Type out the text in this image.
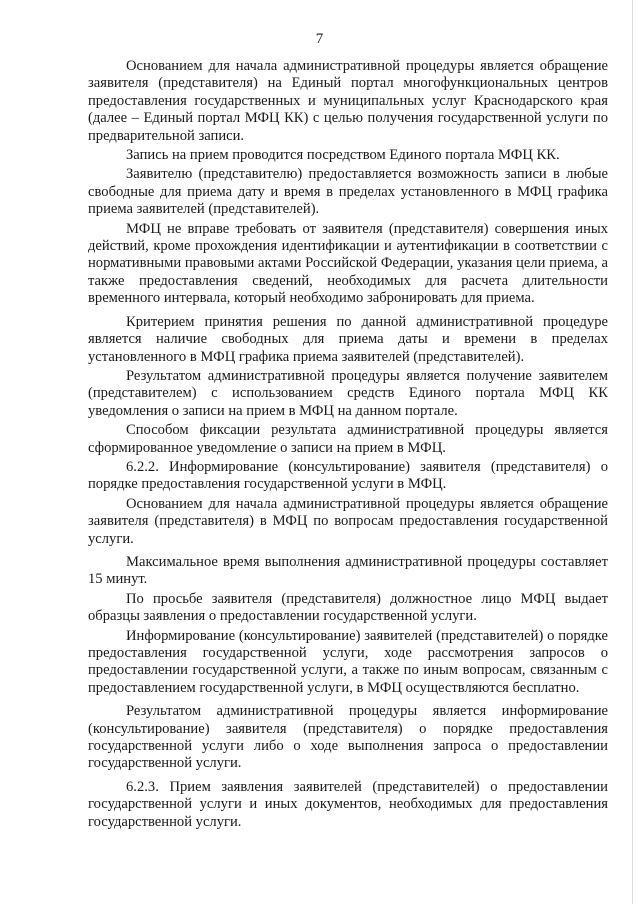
7

Основанием для начала административной процедуры является обращение заявителя (представителя) на Единый портал многофункциональных центров предоставления государственных и муниципальных услуг Краснодарского края (далее – Единый портал МФЦ КК) с целью получения государственной услуги по предварительной записи.

Запись на прием проводится посредством Единого портала МФЦ КК.

Заявителю (представителю) предоставляется возможность записи в любые свободные для приема дату и время в пределах установленного в МФЦ графика приема заявителей (представителей).

МФЦ не вправе требовать от заявителя (представителя) совершения иных действий, кроме прохождения идентификации и аутентификации в соответствии с нормативными правовыми актами Российской Федерации, указания цели приема, а также предоставления сведений, необходимых для расчета длительности временного интервала, который необходимо забронировать для приема.

Критерием принятия решения по данной административной процедуре является наличие свободных для приема даты и времени в пределах установленного в МФЦ графика приема заявителей (представителей).

Результатом административной процедуры является получение заявителем (представителем) с использованием средств Единого портала МФЦ КК уведомления о записи на прием в МФЦ на данном портале.

Способом фиксации результата административной процедуры является сформированное уведомление о записи на прием в МФЦ.

6.2.2. Информирование (консультирование) заявителя (представителя) о порядке предоставления государственной услуги в МФЦ.

Основанием для начала административной процедуры является обращение заявителя (представителя) в МФЦ по вопросам предоставления государственной услуги.

Максимальное время выполнения административной процедуры составляет 15 минут.

По просьбе заявителя (представителя) должностное лицо МФЦ выдает образцы заявления о предоставлении государственной услуги.

Информирование (консультирование) заявителей (представителей) о порядке предоставления государственной услуги, ходе рассмотрения запросов о предоставлении государственной услуги, а также по иным вопросам, связанным с предоставлением государственной услуги, в МФЦ осуществляются бесплатно.

Результатом административной процедуры является информирование (консультирование) заявителя (представителя) о порядке предоставления государственной услуги либо о ходе выполнения запроса о предоставлении государственной услуги.

6.2.3. Прием заявления заявителей (представителей) о предоставлении государственной услуги и иных документов, необходимых для предоставления государственной услуги.
